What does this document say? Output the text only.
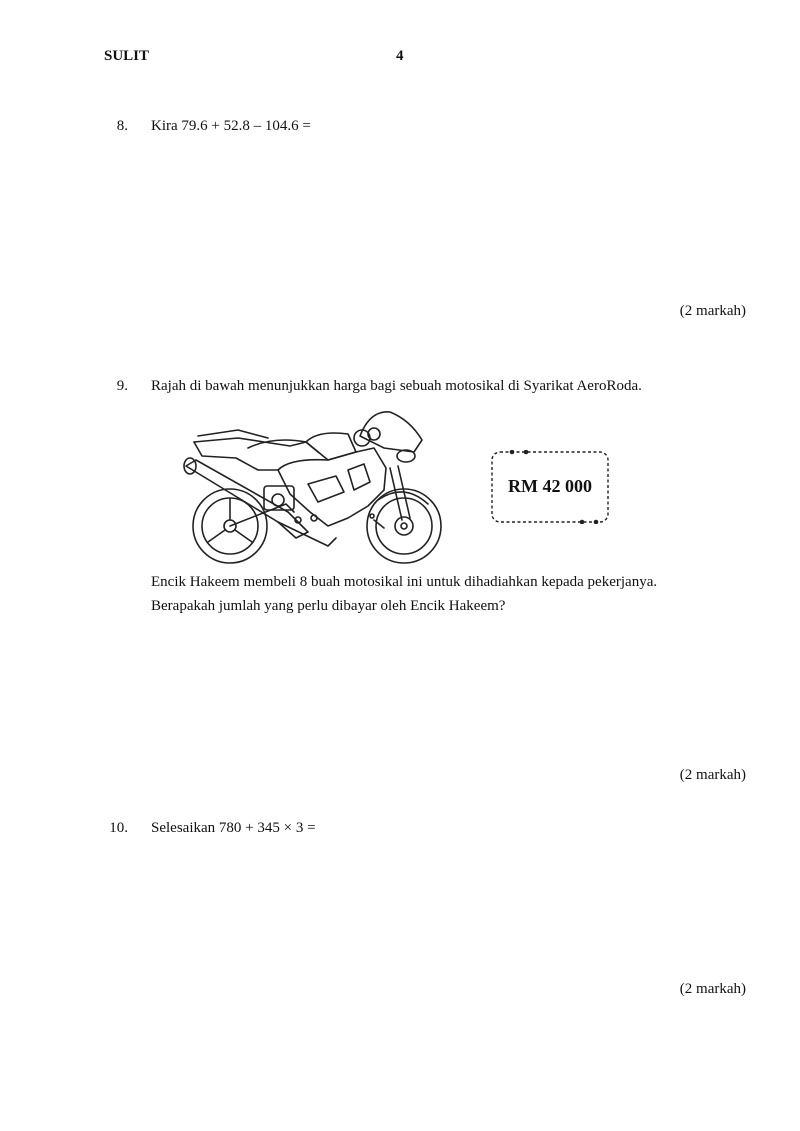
SULIT	4
8. Kira 79.6 + 52.8 – 104.6 =
(2 markah)
9. Rajah di bawah menunjukkan harga bagi sebuah motosikal di Syarikat AeroRoda.
RM 42 000
Encik Hakeem membeli 8 buah motosikal ini untuk dihadiahkan kepada pekerjanya.
Berapakah jumlah yang perlu dibayar oleh Encik Hakeem?
(2 markah)
10. Selesaikan 780 + 345 × 3 =
(2 markah)
